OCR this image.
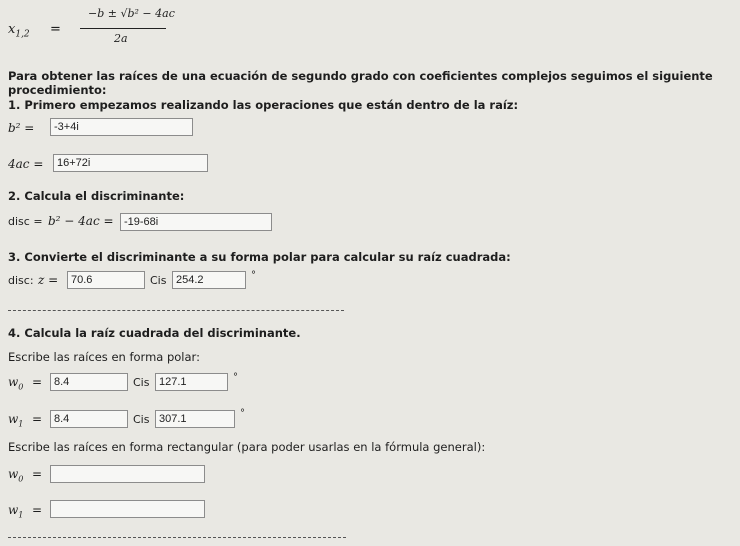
$x_{1,2}$ =
−b ± √b² − 4ac
2a
Para obtener las raíces de una ecuación de segundo grado con coeficientes complejos seguimos el siguiente procedimiento:
1. Primero empezamos realizando las operaciones que están dentro de la raíz:
b² =	-3+4i
4ac =	16+72i
2. Calcula el discriminante:
disc = b² − 4ac = -19-68i
3. Convierte el discriminante a su forma polar para calcular su raíz cuadrada:
disc: z =	70.6	Cis 254.2	°
4. Calcula la raíz cuadrada del discriminante.
Escribe las raíces en forma polar:
$w_0$ =	8.4	Cis 127.1	°
$w_1$ =	8.4	Cis 307.1	°
Escribe las raíces en forma rectangular (para poder usarlas en la fórmula general):
$w_0$ =
$w_1$ =
